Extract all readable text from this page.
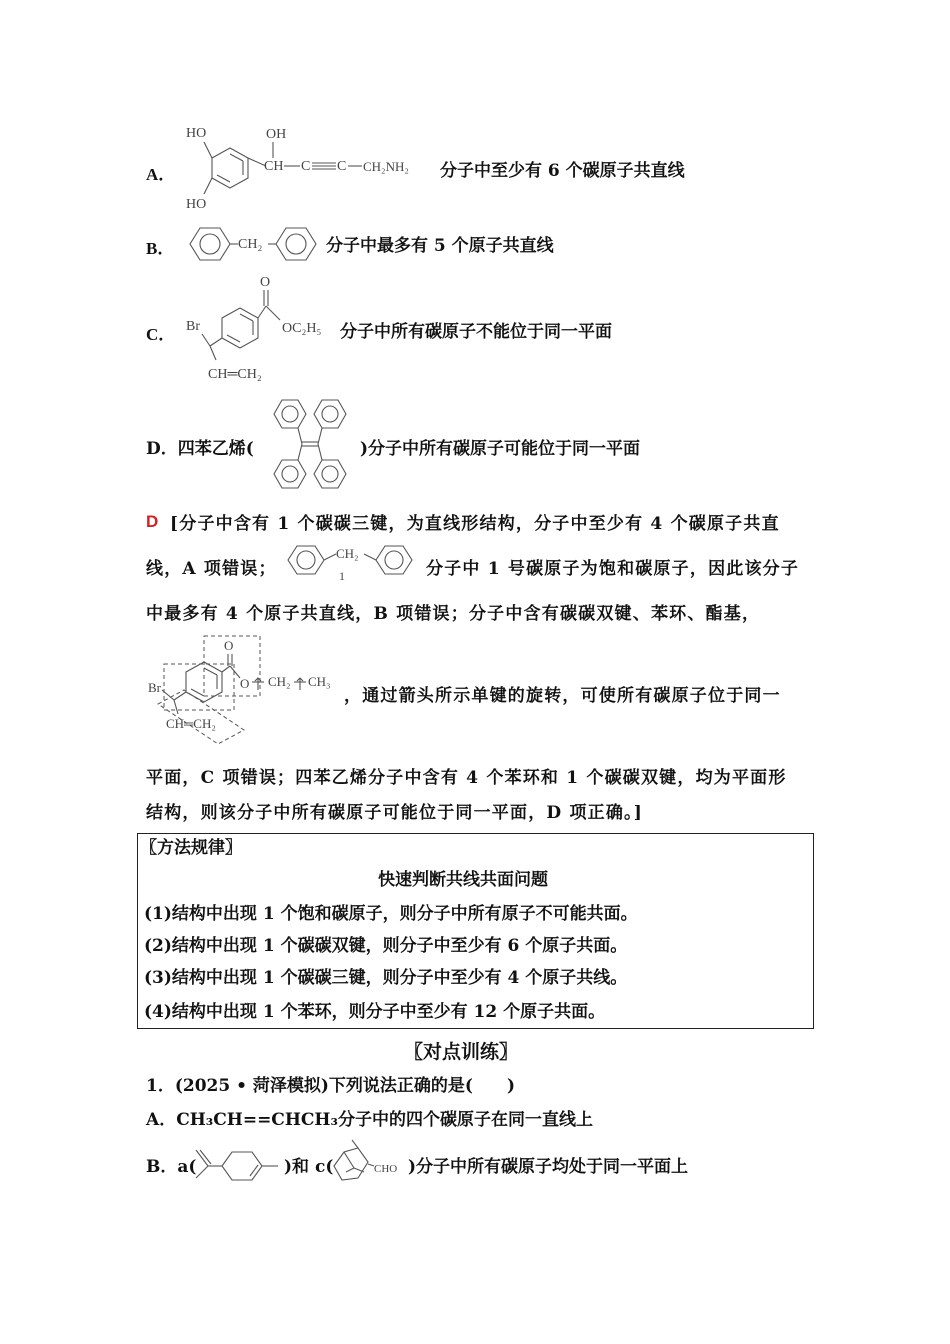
A．
HO
HO
OH
CH C C CH₂NH₂ 分子中至少有 6 个碳原子共直线
B．	CH₂	分子中最多有 5 个原子共直线
C．
O
OC₂H₅
Br
CH═CH₂
分子中所有碳原子不能位于同一平面
D．四苯乙烯(	)分子中所有碳原子可能位于同一平面
D [分子中含有 1 个碳碳三键，为直线形结构，分子中至少有 4 个碳原子共直
线，A 项错误；
CH₂
1	分子中 1 号碳原子为饱和碳原子，因此该分子
中最多有 4 个原子共直线，B 项错误；分子中含有碳碳双键、苯环、酯基，
O
O CH₂ CH₃
Br
CH═CH₂
，通过箭头所示单键的旋转，可使所有碳原子位于同一
平面，C 项错误；四苯乙烯分子中含有 4 个苯环和 1 个碳碳双键，均为平面形
结构，则该分子中所有碳原子可能位于同一平面，D 项正确。]
〖方法规律〗
快速判断共线共面问题
(1)结构中出现 1 个饱和碳原子，则分子中所有原子不可能共面。
(2)结构中出现 1 个碳碳双键，则分子中至少有 6 个原子共面。
(3)结构中出现 1 个碳碳三键，则分子中至少有 4 个原子共线。
(4)结构中出现 1 个苯环，则分子中至少有 12 个原子共面。
〖对点训练〗
1．(2025 • 菏泽模拟)下列说法正确的是(　　)
A．CH₃CH==CHCH₃分子中的四个碳原子在同一直线上
B．a(	)和 c(	CHO )分子中所有碳原子均处于同一平面上
